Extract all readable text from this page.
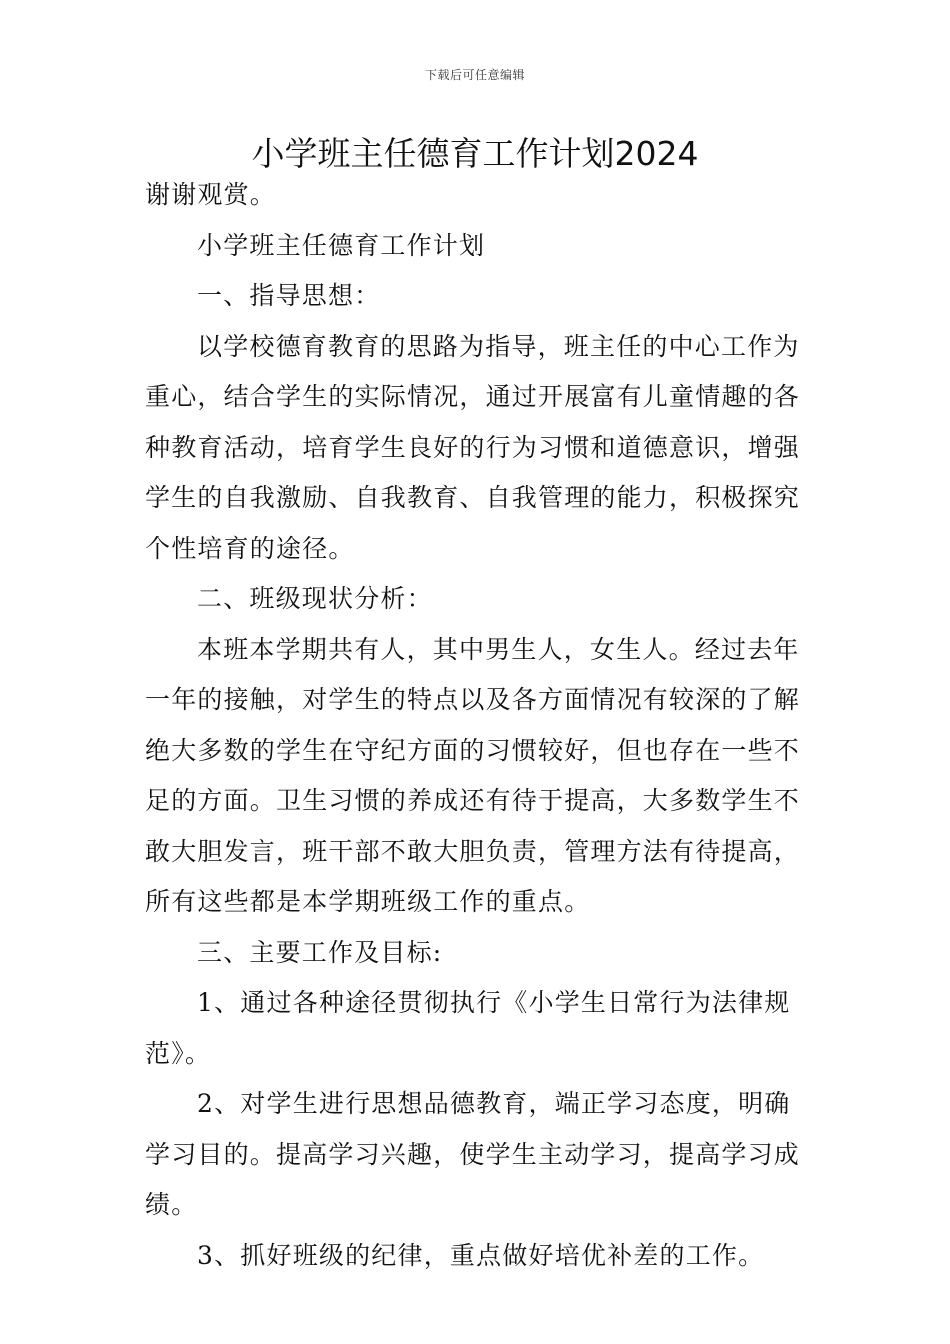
下载后可任意编辑
小学班主任德育工作计划2024

谢谢观赏。

小学班主任德育工作计划

一、指导思想：

以学校德育教育的思路为指导，班主任的中心工作为重心，结合学生的实际情况，通过开展富有儿童情趣的各种教育活动，培育学生良好的行为习惯和道德意识，增强学生的自我激励、自我教育、自我管理的能力，积极探究个性培育的途径。

二、班级现状分析：

本班本学期共有人，其中男生人，女生人。经过去年一年的接触，对学生的特点以及各方面情况有较深的了解绝大多数的学生在守纪方面的习惯较好，但也存在一些不足的方面。卫生习惯的养成还有待于提高，大多数学生不敢大胆发言，班干部不敢大胆负责，管理方法有待提高，所有这些都是本学期班级工作的重点。

三、主要工作及目标:

1、通过各种途径贯彻执行《小学生日常行为法律规范》。

2、对学生进行思想品德教育，端正学习态度，明确学习目的。提高学习兴趣，使学生主动学习，提高学习成绩。

3、抓好班级的纪律，重点做好培优补差的工作。
